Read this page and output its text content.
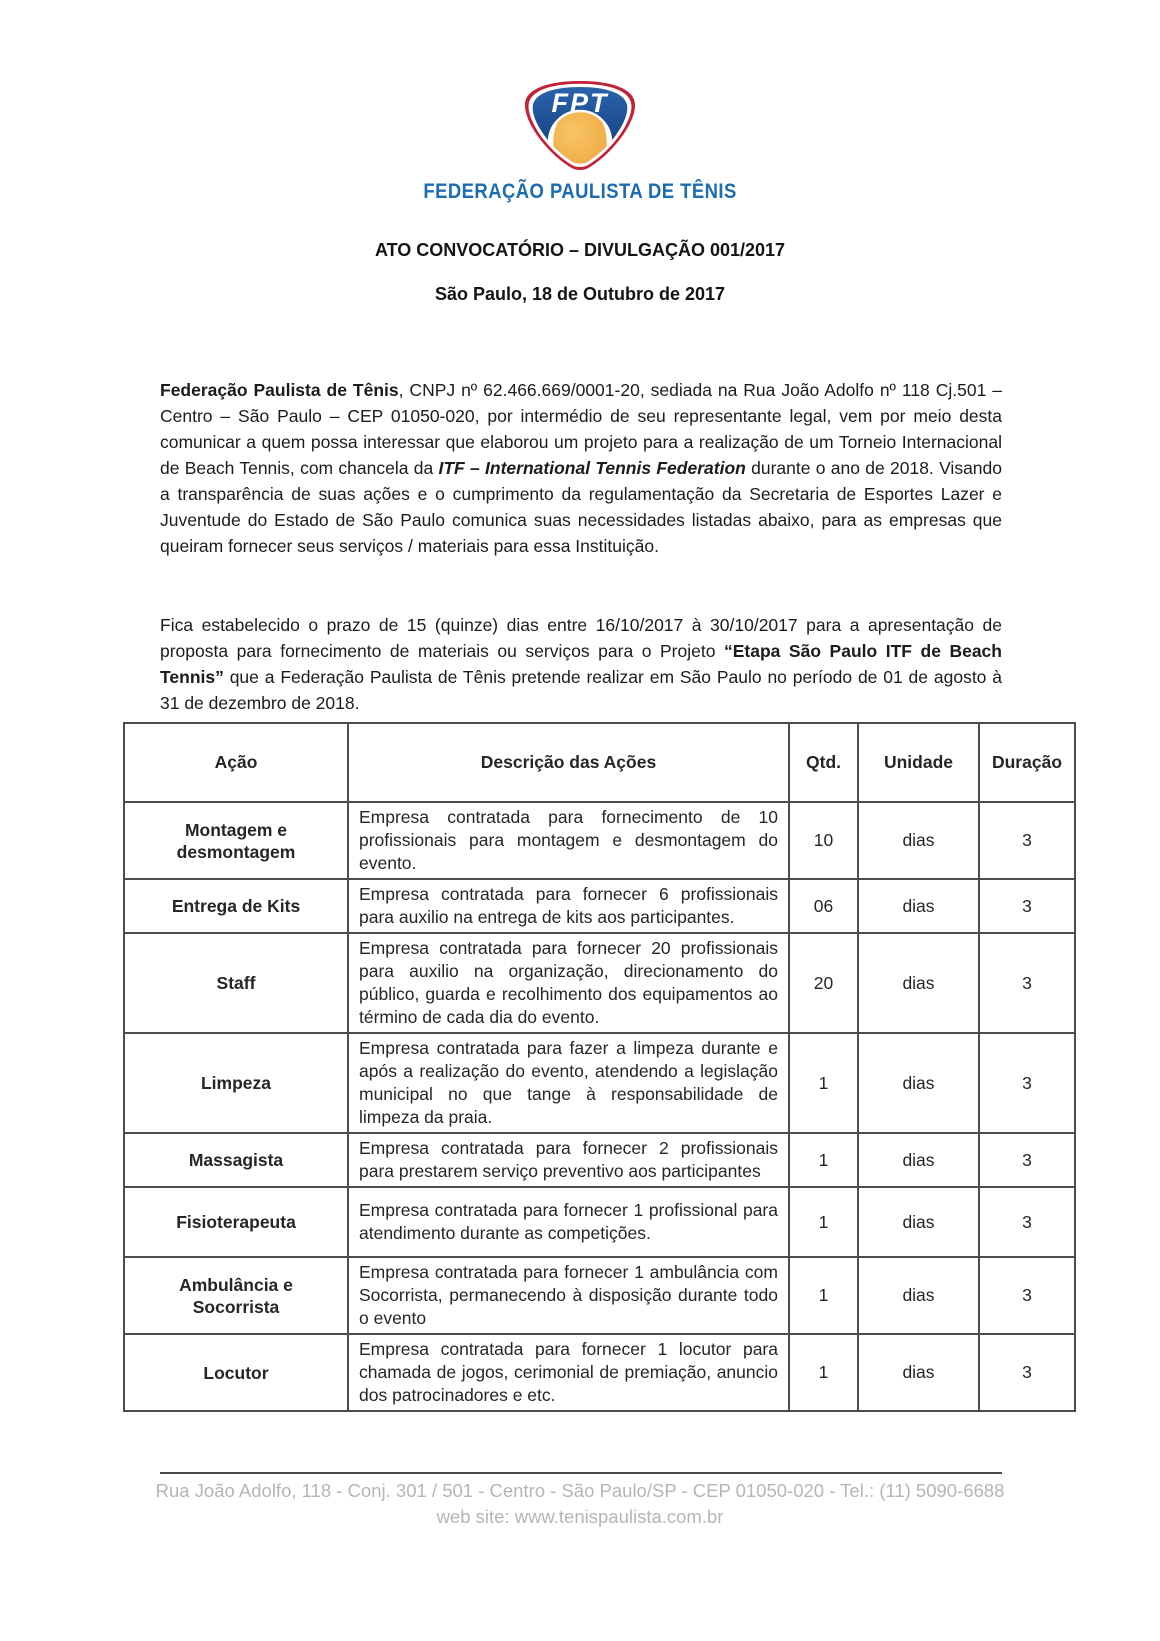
FPT
FEDERAÇÃO PAULISTA DE TÊNIS
ATO CONVOCATÓRIO – DIVULGAÇÃO 001/2017
São Paulo, 18 de Outubro de 2017

Federação Paulista de Tênis, CNPJ nº 62.466.669/0001-20, sediada na Rua João Adolfo nº 118 Cj.501 – Centro – São Paulo – CEP 01050-020, por intermédio de seu representante legal, vem por meio desta comunicar a quem possa interessar que elaborou um projeto para a realização de um Torneio Internacional de Beach Tennis, com chancela da ITF – International Tennis Federation durante o ano de 2018. Visando a transparência de suas ações e o cumprimento da regulamentação da Secretaria de Esportes Lazer e Juventude do Estado de São Paulo comunica suas necessidades listadas abaixo, para as empresas que queiram fornecer seus serviços / materiais para essa Instituição.

Fica estabelecido o prazo de 15 (quinze) dias entre 16/10/2017 à 30/10/2017 para a apresentação de proposta para fornecimento de materiais ou serviços para o Projeto “Etapa São Paulo ITF de Beach Tennis” que a Federação Paulista de Tênis pretende realizar em São Paulo no período de 01 de agosto à 31 de dezembro de 2018.

Ação	Descrição das Ações	Qtd.	Unidade	Duração
Montagem e desmontagem	Empresa contratada para fornecimento de 10 profissionais para montagem e desmontagem do evento.	10	dias	3
Entrega de Kits	Empresa contratada para fornecer 6 profissionais para auxilio na entrega de kits aos participantes.	06	dias	3
Staff	Empresa contratada para fornecer 20 profissionais para auxilio na organização, direcionamento do público, guarda e recolhimento dos equipamentos ao término de cada dia do evento.	20	dias	3
Limpeza	Empresa contratada para fazer a limpeza durante e após a realização do evento, atendendo a legislação municipal no que tange à responsabilidade de limpeza da praia.	1	dias	3
Massagista	Empresa contratada para fornecer 2 profissionais para prestarem serviço preventivo aos participantes	1	dias	3
Fisioterapeuta	Empresa contratada para fornecer 1 profissional para atendimento durante as competições.	1	dias	3
Ambulância e Socorrista	Empresa contratada para fornecer 1 ambulância com Socorrista, permanecendo à disposição durante todo o evento	1	dias	3
Locutor	Empresa contratada para fornecer 1 locutor para chamada de jogos, cerimonial de premiação, anuncio dos patrocinadores e etc.	1	dias	3
Rua João Adolfo, 118 - Conj. 301 / 501 - Centro - São Paulo/SP - CEP 01050-020 - Tel.: (11) 5090-6688
web site: www.tenispaulista.com.br
